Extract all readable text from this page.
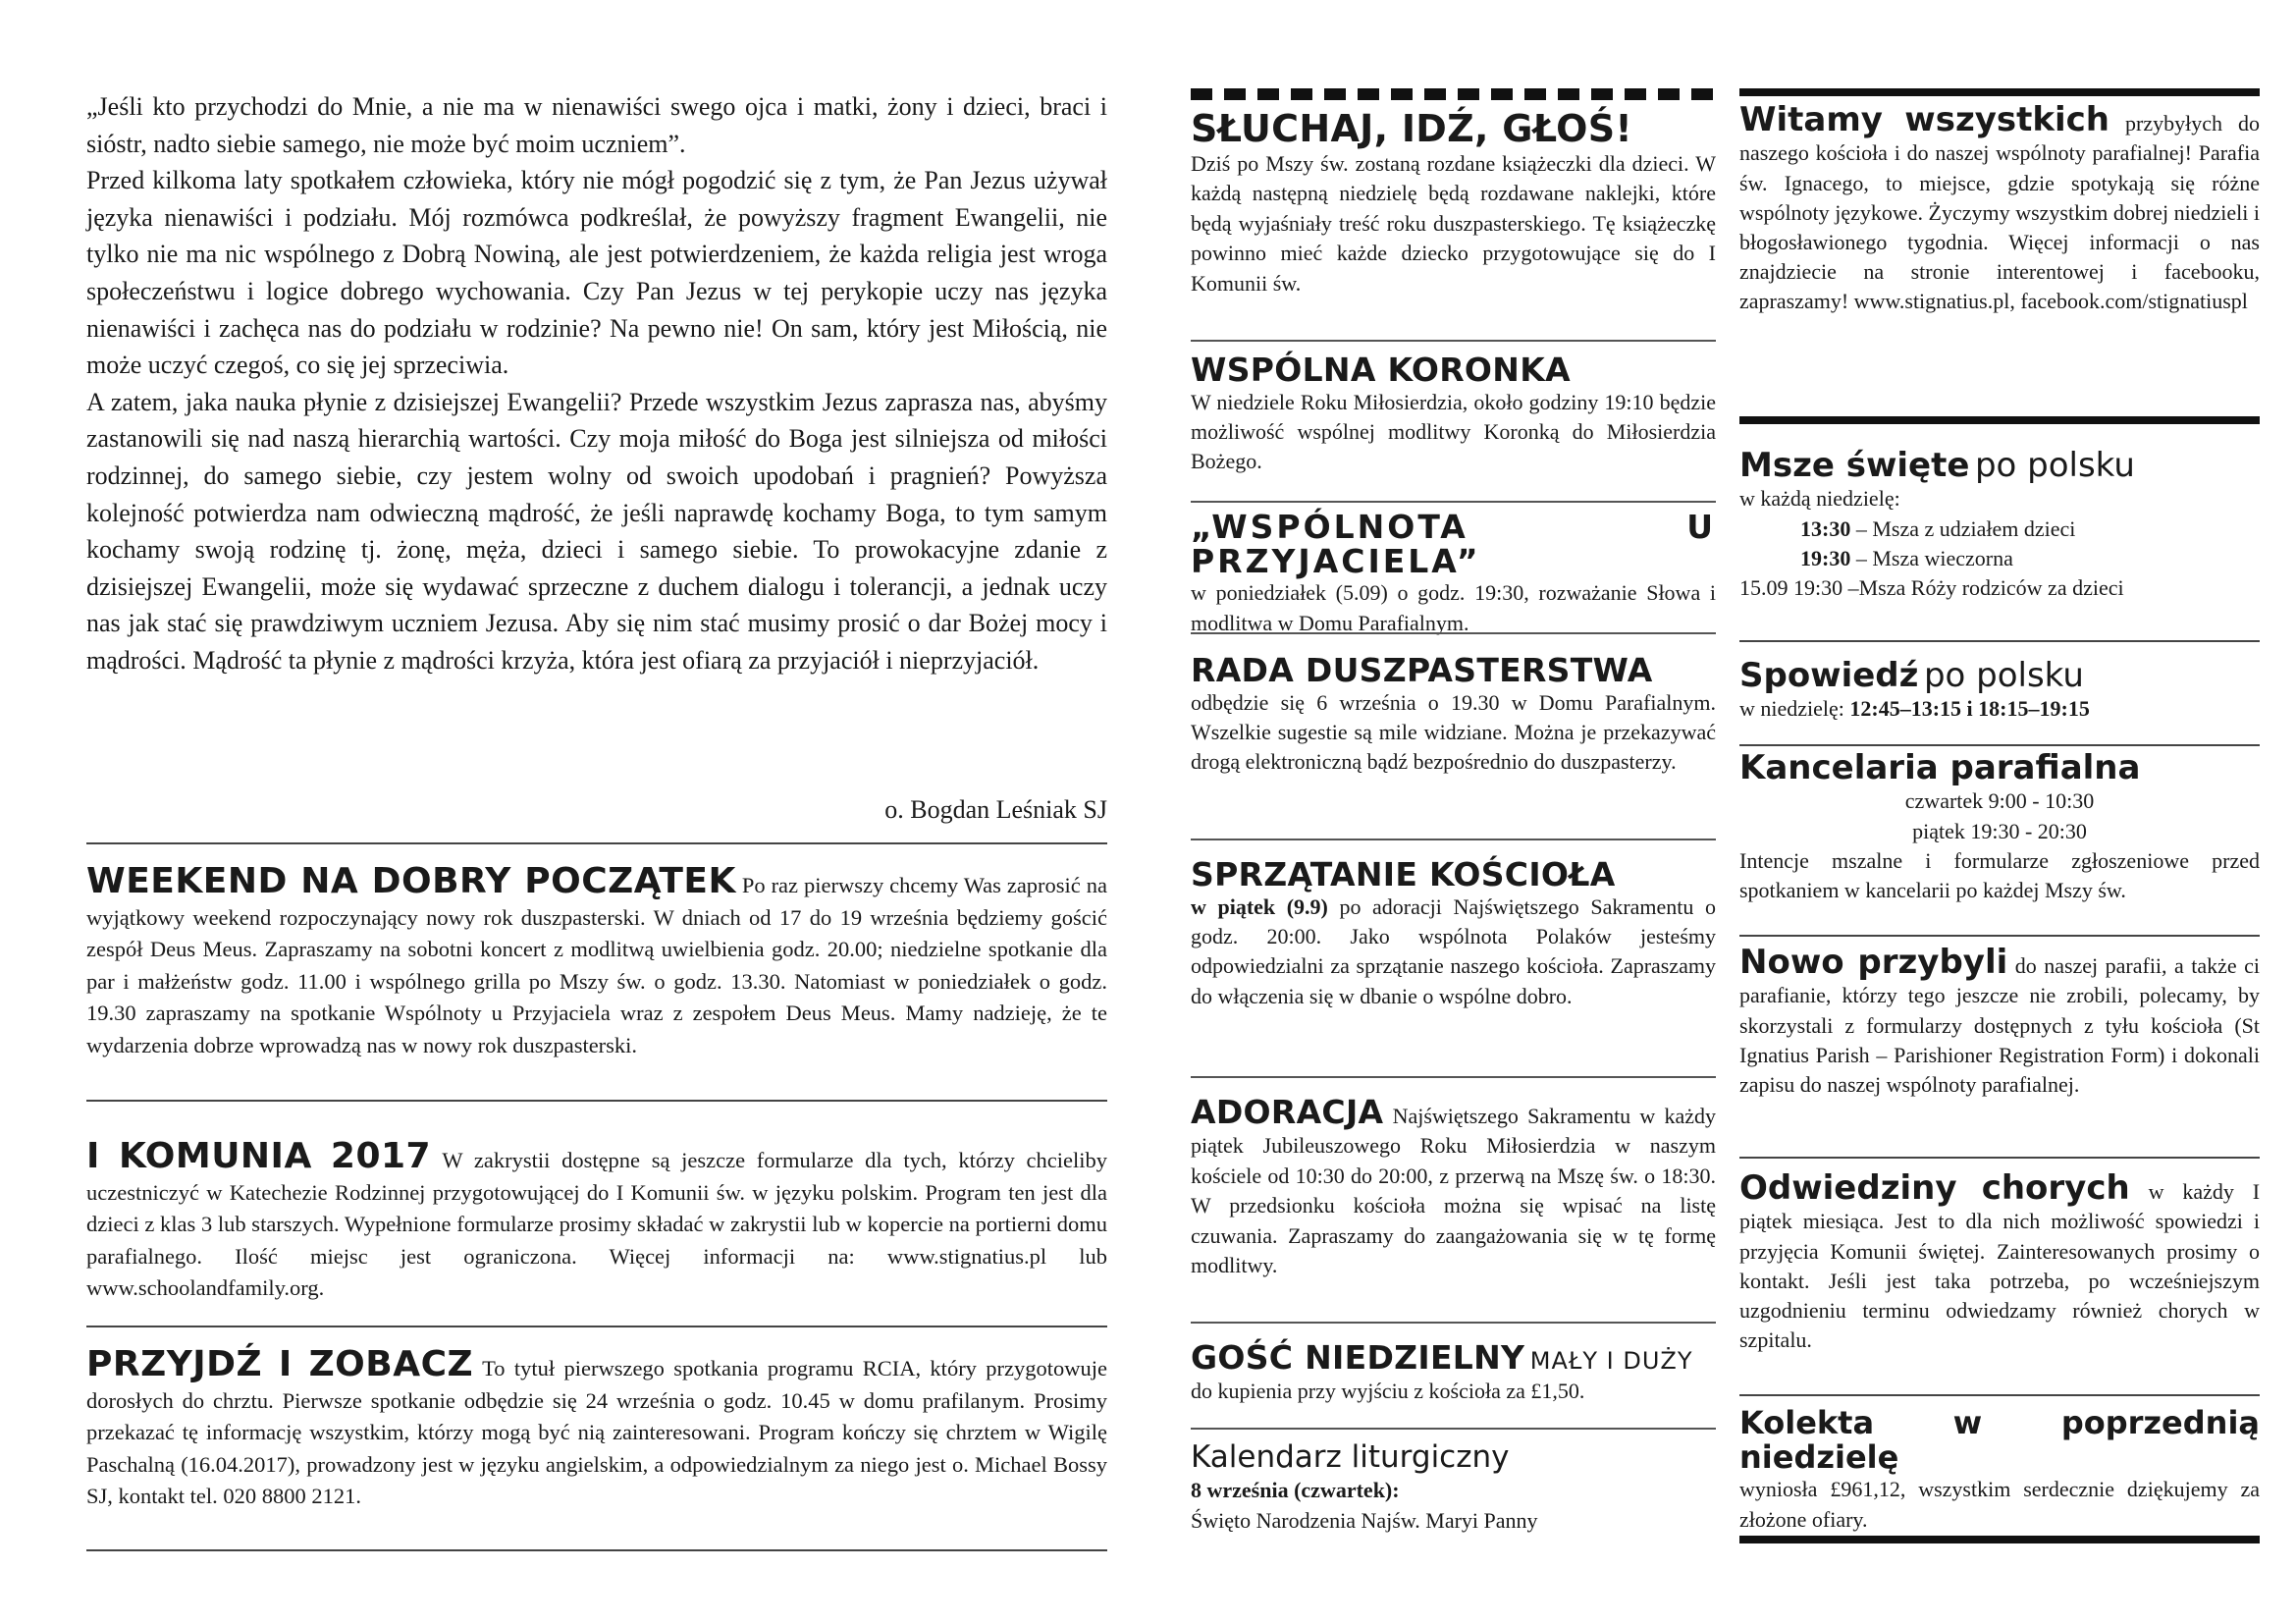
„Jeśli kto przychodzi do Mnie, a nie ma w nienawiści swego ojca i matki, żony i dzieci, braci i sióstr, nadto siebie samego, nie może być moim uczniem”.

Przed kilkoma laty spotkałem człowieka, który nie mógł pogodzić się z tym, że Pan Jezus używał języka nienawiści i podziału. Mój rozmówca podkreślał, że powyższy fragment Ewangelii, nie tylko nie ma nic wspólnego z Dobrą Nowiną, ale jest potwierdzeniem, że każda religia jest wroga społeczeństwu i logice dobrego wychowania. Czy Pan Jezus w tej perykopie uczy nas języka nienawiści i zachęca nas do podziału w rodzinie? Na pewno nie! On sam, który jest Miłością, nie może uczyć czegoś, co się jej sprzeciwia.

A zatem, jaka nauka płynie z dzisiejszej Ewangelii? Przede wszystkim Jezus zaprasza nas, abyśmy zastanowili się nad naszą hierarchią wartości. Czy moja miłość do Boga jest silniejsza od miłości rodzinnej, do samego siebie, czy jestem wolny od swoich upodobań i pragnień? Powyższa kolejność potwierdza nam odwieczną mądrość, że jeśli naprawdę kochamy Boga, to tym samym kochamy swoją rodzinę tj. żonę, męża, dzieci i samego siebie. To prowokacyjne zdanie z dzisiejszej Ewangelii, może się wydawać sprzeczne z duchem dialogu i tolerancji, a jednak uczy nas jak stać się prawdziwym uczniem Jezusa. Aby się nim stać musimy prosić o dar Bożej mocy i mądrości. Mądrość ta płynie z mądrości krzyża, która jest ofiarą za przyjaciół i nieprzyjaciół.

o. Bogdan Leśniak SJ
WEEKEND NA DOBRY POCZĄTEK Po raz pierwszy chcemy Was zaprosić na wyjątkowy weekend rozpoczynający nowy rok duszpasterski. W dniach od 17 do 19 września będziemy gościć zespół Deus Meus. Zapraszamy na sobotni koncert z modlitwą uwielbienia godz. 20.00; niedzielne spotkanie dla par i małżeństw godz. 11.00 i wspólnego grilla po Mszy św. o godz. 13.30. Natomiast w poniedziałek o godz. 19.30 zapraszamy na spotkanie Wspólnoty u Przyjaciela wraz z zespołem Deus Meus. Mamy nadzieję, że te wydarzenia dobrze wprowadzą nas w nowy rok duszpasterski.
I KOMUNIA 2017 W zakrystii dostępne są jeszcze formularze dla tych, którzy chcieliby uczestniczyć w Katechezie Rodzinnej przygotowującej do I Komunii św. w języku polskim. Program ten jest dla dzieci z klas 3 lub starszych. Wypełnione formularze prosimy składać w zakrystii lub w kopercie na portierni domu parafialnego. Ilość miejsc jest ograniczona. Więcej informacji na: www.stignatius.pl lub www.schoolandfamily.org.
PRZYJDŹ I ZOBACZ To tytuł pierwszego spotkania programu RCIA, który przygotowuje dorosłych do chrztu. Pierwsze spotkanie odbędzie się 24 września o godz. 10.45 w domu prafilanym. Prosimy przekazać tę informację wszystkim, którzy mogą być nią zainteresowani. Program kończy się chrztem w Wigilę Paschalną (16.04.2017), prowadzony jest w języku angielskim, a odpowiedzialnym za niego jest o. Michael Bossy SJ, kontakt tel. 020 8800 2121.
SŁUCHAJ, IDŹ, GŁOŚ!

Dziś po Mszy św. zostaną rozdane książeczki dla dzieci. W każdą następną niedzielę będą rozdawane naklejki, które będą wyjaśniały treść roku duszpasterskiego. Tę książeczkę powinno mieć każde dziecko przygotowujące się do I Komunii św.

WSPÓLNA KORONKA

W niedziele Roku Miłosierdzia, około godziny 19:10 będzie możliwość wspólnej modlitwy Koronką do Miłosierdzia Bożego.

„WSPÓLNOTA U PRZYJACIELA”

w poniedziałek (5.09) o godz. 19:30, rozważanie Słowa i modlitwa w Domu Parafialnym.

RADA DUSZPASTERSTWA

odbędzie się 6 września o 19.30 w Domu Parafialnym. Wszelkie sugestie są mile widziane. Można je przekazywać drogą elektroniczną bądź bezpośrednio do duszpasterzy.

SPRZĄTANIE KOŚCIOŁA

w piątek (9.9) po adoracji Najświętszego Sakramentu o godz. 20:00. Jako wspólnota Polaków jesteśmy odpowiedzialni za sprzątanie naszego kościoła. Zapraszamy do włączenia się w dbanie o wspólne dobro.

ADORACJA Najświętszego Sakramentu w każdy piątek Jubileuszowego Roku Miłosierdzia w naszym kościele od 10:30 do 20:00, z przerwą na Mszę św. o 18:30. W przedsionku kościoła można się wpisać na listę czuwania. Zapraszamy do zaangażowania się w tę formę modlitwy.
GOŚĆ NIEDZIELNY MAŁY I DUŻY

do kupienia przy wyjściu z kościoła za £1,50.

Kalendarz liturgiczny

8 września (czwartek):

Święto Narodzenia Najśw. Maryi Panny

Witamy wszystkich przybyłych do naszego kościoła i do naszej wspólnoty parafialnej! Parafia św. Ignacego, to miejsce, gdzie spotykają się różne wspólnoty językowe. Życzymy wszystkim dobrej niedzieli i błogosławionego tygodnia. Więcej informacji o nas znajdziecie na stronie interentowej i facebooku, zapraszamy! www.stignatius.pl, facebook.com/stignatiuspl
Msze święte po polsku

w każdą niedzielę:

13:30 – Msza z udziałem dzieci

19:30 – Msza wieczorna

15.09 19:30 –Msza Róży rodziców za dzieci

Spowiedź po polsku

w niedzielę: 12:45–13:15 i 18:15–19:15

Kancelaria parafialna

czwartek 9:00 - 10:30

piątek 19:30 - 20:30

Intencje mszalne i formularze zgłoszeniowe przed spotkaniem w kancelarii po każdej Mszy św.

Nowo przybyli do naszej parafii, a także ci parafianie, którzy tego jeszcze nie zrobili, polecamy, by skorzystali z formularzy dostępnych z tyłu kościoła (St Ignatius Parish – Parishioner Registration Form) i dokonali zapisu do naszej wspólnoty parafialnej.
Odwiedziny chorych w każdy I piątek miesiąca. Jest to dla nich możliwość spowiedzi i przyjęcia Komunii świętej. Zainteresowanych prosimy o kontakt. Jeśli jest taka potrzeba, po wcześniejszym uzgodnieniu terminu odwiedzamy również chorych w szpitalu.
Kolekta w poprzednią niedzielę

wyniosła £961,12, wszystkim serdecznie dziękujemy za złożone ofiary.
